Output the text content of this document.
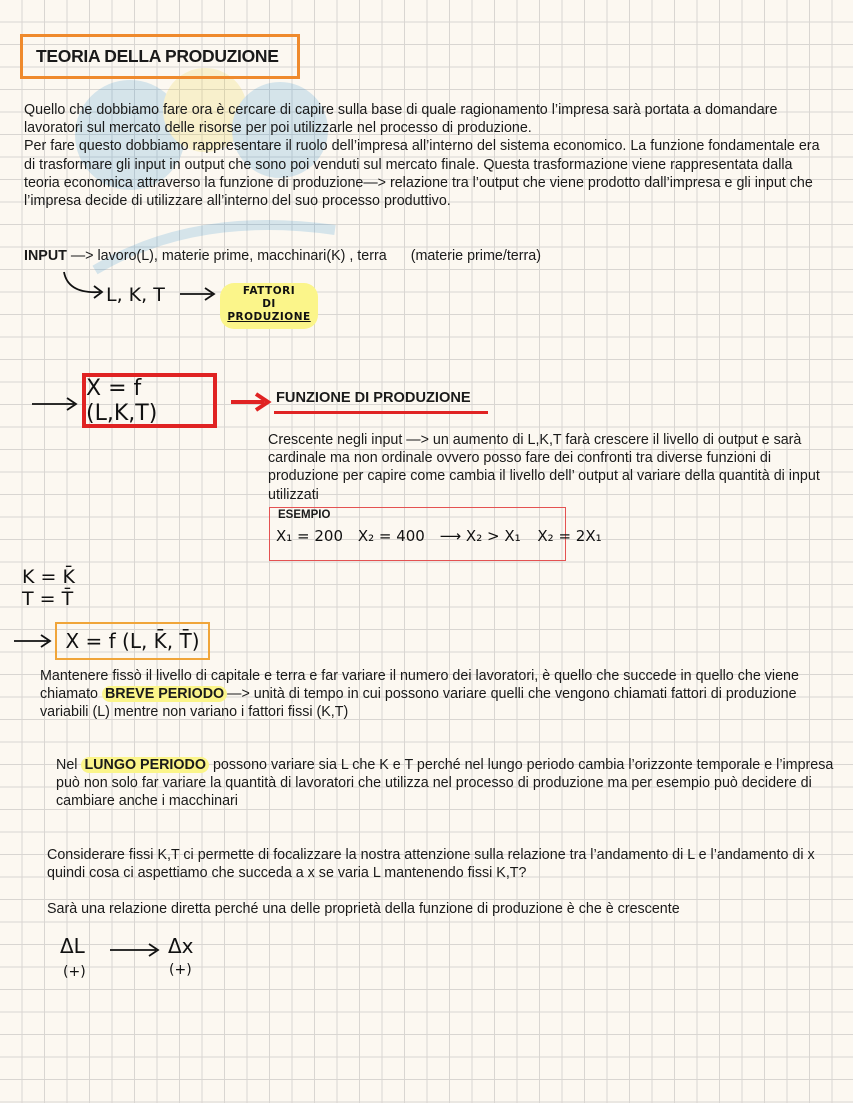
TEORIA DELLA PRODUZIONE
Quello che dobbiamo fare ora è cercare di capire sulla base di quale ragionamento l’impresa sarà portata a domandare lavoratori sul mercato delle risorse per poi utilizzarle nel processo di produzione.
Per fare questo dobbiamo rappresentare il ruolo dell’impresa all’interno del sistema economico. La funzione fondamentale era di trasformare gli input in output che sono poi venduti sul mercato finale. Questa trasformazione viene rappresentata dalla teoria economica attraverso la funzione di produzione—> relazione tra l’output che viene prodotto dall’impresa e gli input che l’impresa decide di utilizzare all’interno del suo processo produttivo.
INPUT —> lavoro(L), materie prime, macchinari(K) , terra (materie prime/terra)
L, K, T	FATTORI
DI
PRODUZIONE
X = f (L,K,T)
FUNZIONE DI PRODUZIONE
Crescente negli input —> un aumento di L,K,T farà crescere il livello di output e sarà cardinale ma non ordinale ovvero posso fare dei confronti tra diverse funzioni di produzione per capire come cambia il livello dell’ output al variare della quantità di input utilizzati
ESEMPIO
X₁ = 200 X₂ = 400 ⟶ X₂ > X₁ X₂ = 2X₁
K = K̄
T = T̄
X = f (L, K̄, T̄)
Mantenere fissò il livello di capitale e terra e far variare il numero dei lavoratori, è quello che succede in quello che viene chiamato BREVE PERIODO —> unità di tempo in cui possono variare quelli che vengono chiamati fattori di produzione variabili (L) mentre non variano i fattori fissi (K,T)
Nel LUNGO PERIODO possono variare sia L che K e T perché nel lungo periodo cambia l’orizzonte temporale e l’impresa può non solo far variare la quantità di lavoratori che utilizza nel processo di produzione ma per esempio può decidere di cambiare anche i macchinari
Considerare fissi K,T ci permette di focalizzare la nostra attenzione sulla relazione tra l’andamento di L e l’andamento di x quindi cosa ci aspettiamo che succeda a x se varia L mantenendo fissi K,T?
Sarà una relazione diretta perché una delle proprietà della funzione di produzione è che è crescente
ΔL
(+)
Δx
(+)
